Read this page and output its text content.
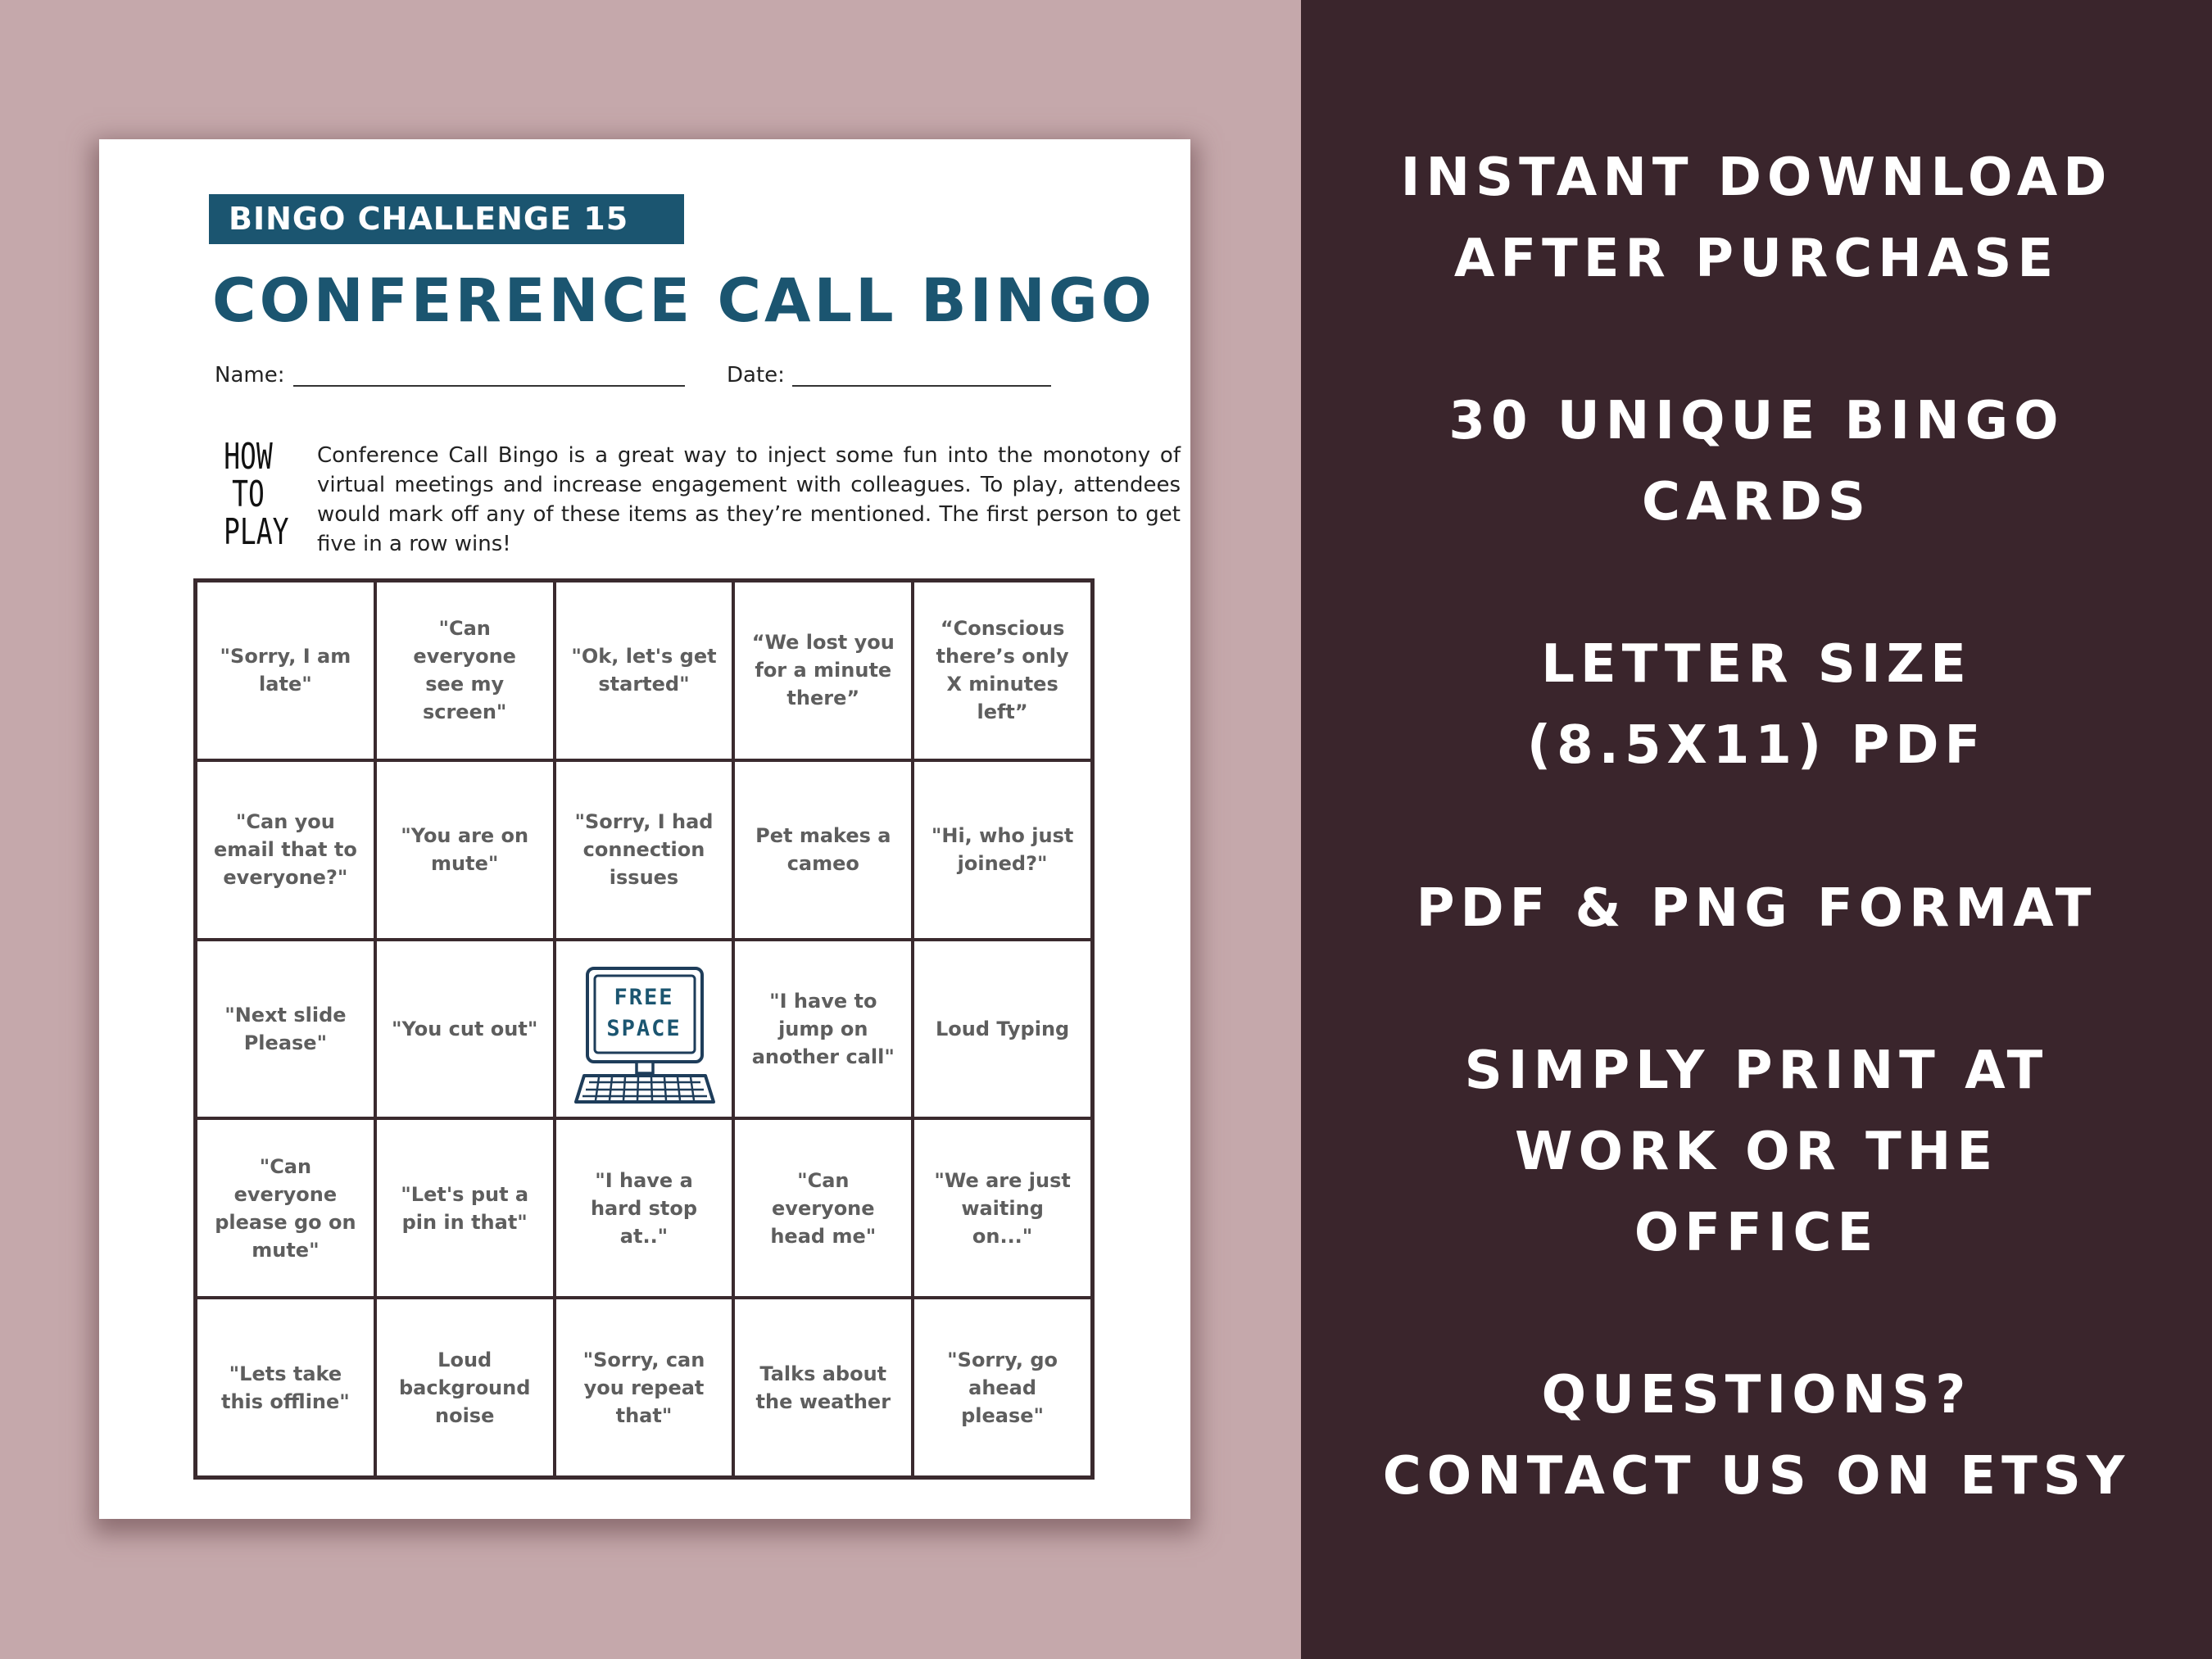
BINGO CHALLENGE 15
CONFERENCE CALL BINGO
Name:	Date:
HOW
TO
PLAY
Conference Call Bingo is a great way to inject some fun into the monotony of virtual meetings and increase engagement with colleagues. To play, attendees would mark off any of these items as they’re mentioned. The first person to get five in a row wins!
"Sorry, I am late"
"Can everyone see my screen"
"Ok, let's get started"
“We lost you for a minute there”
“Conscious there’s only X minutes left”
"Can you email that to everyone?"
"You are on mute"
"Sorry, I had connection issues
Pet makes a cameo
"Hi, who just joined?"
"Next slide Please"
"You cut out"
FREE
SPACE
"I have to jump on another call"
Loud Typing
"Can everyone please go on mute"
"Let's put a pin in that"
"I have a hard stop at.."
"Can everyone head me"
"We are just waiting on..."
"Lets take this offline"
Loud background noise
"Sorry, can you repeat that"
Talks about the weather
"Sorry, go ahead please"
INSTANT DOWNLOAD
AFTER PURCHASE
30 UNIQUE BINGO
CARDS
LETTER SIZE
(8.5X11) PDF
PDF & PNG FORMAT
SIMPLY PRINT AT
WORK OR THE
OFFICE
QUESTIONS?
CONTACT US ON ETSY
